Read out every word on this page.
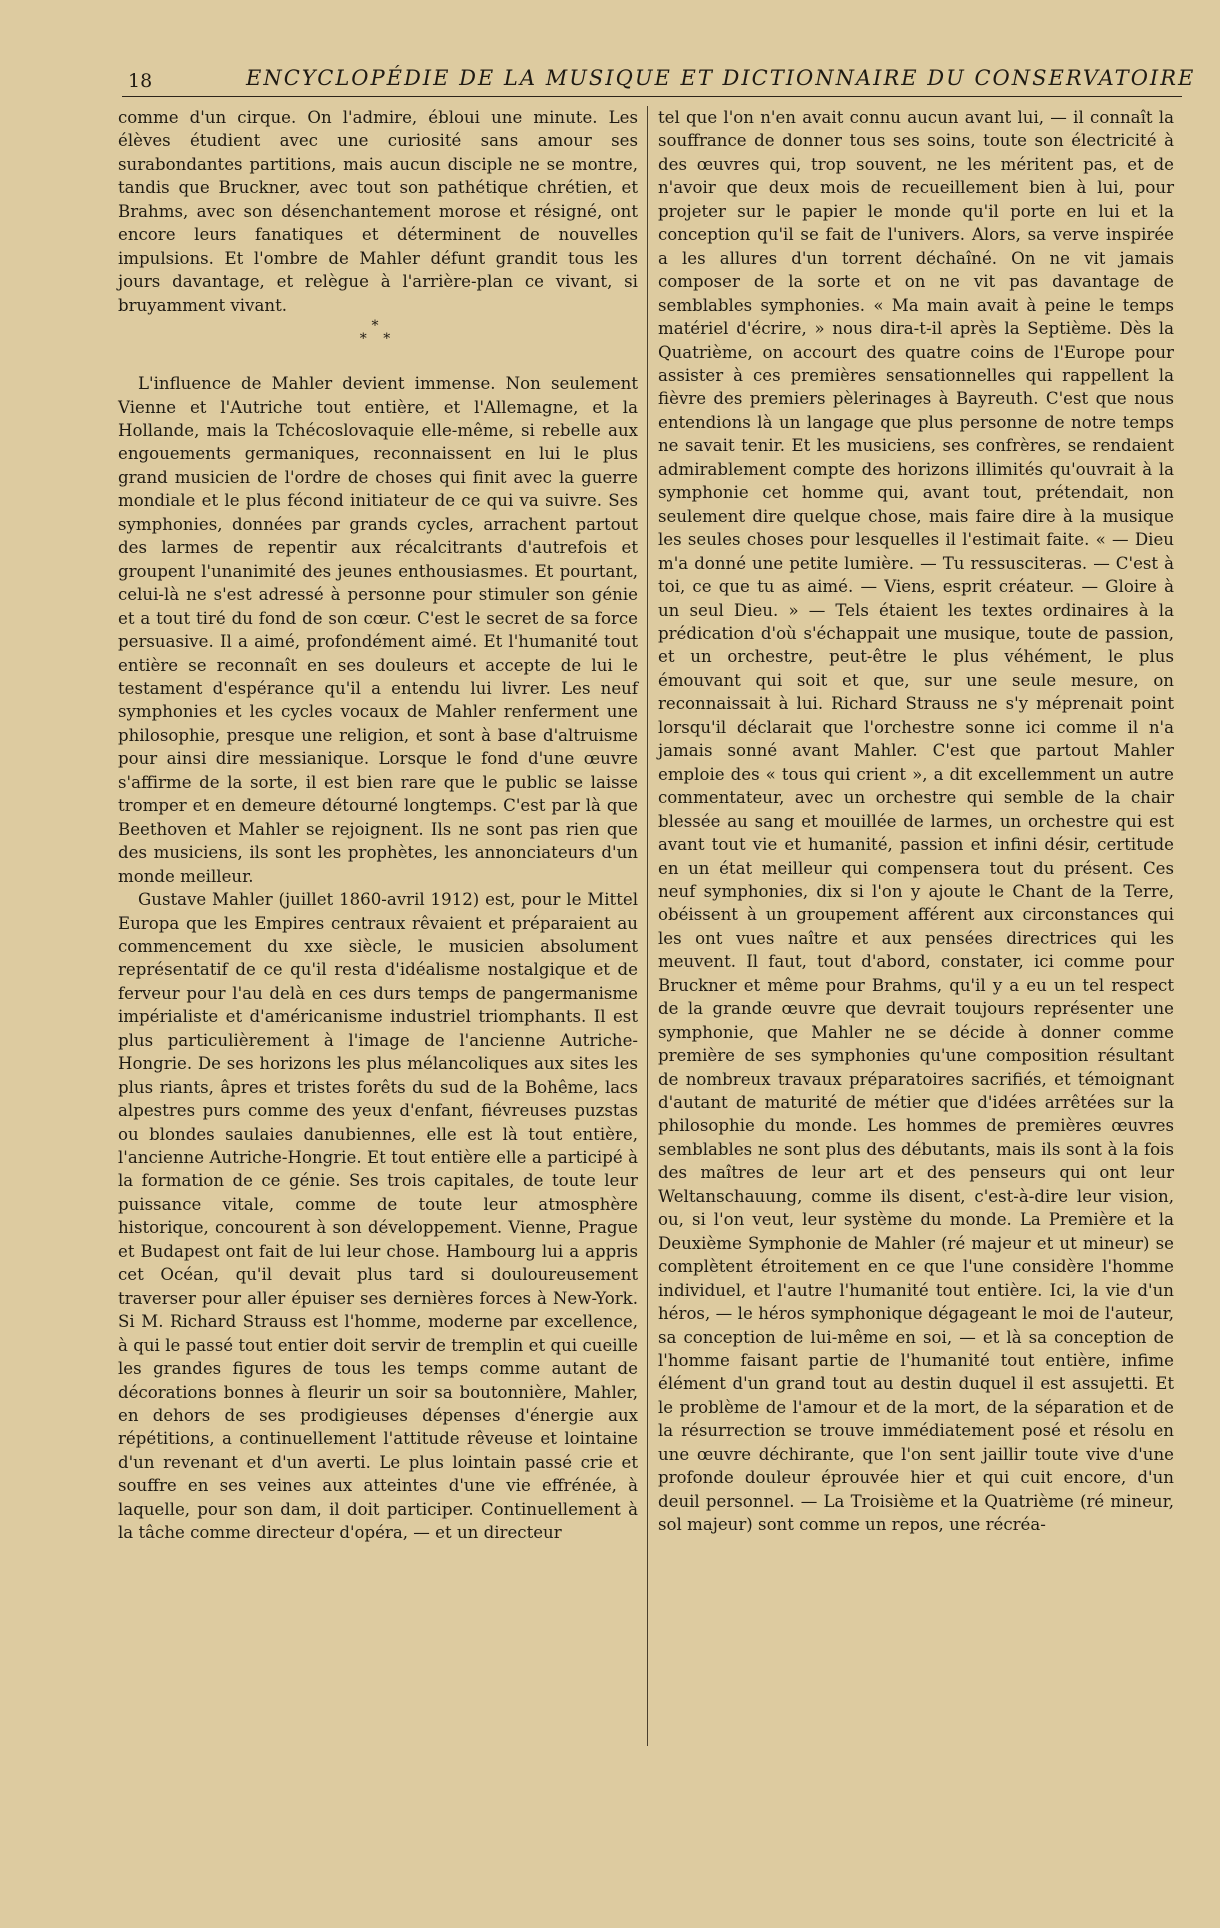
18	ENCYCLOPÉDIE DE LA MUSIQUE ET DICTIONNAIRE DU CONSERVATOIRE

comme d'un cirque. On l'admire, ébloui une minute. Les élèves étudient avec une curiosité sans amour ses surabondantes partitions, mais aucun disciple ne se montre, tandis que Bruckner, avec tout son pathétique chrétien, et Brahms, avec son désenchantement morose et résigné, ont encore leurs fanatiques et déterminent de nouvelles impulsions. Et l'ombre de Mahler défunt grandit tous les jours davantage, et relègue à l'arrière-plan ce vivant, si bruyamment vivant.

*
* *

L'influence de Mahler devient immense. Non seulement Vienne et l'Autriche tout entière, et l'Allemagne, et la Hollande, mais la Tchécoslovaquie elle-même, si rebelle aux engouements germaniques, reconnaissent en lui le plus grand musicien de l'ordre de choses qui finit avec la guerre mondiale et le plus fécond initiateur de ce qui va suivre. Ses symphonies, données par grands cycles, arrachent partout des larmes de repentir aux récalcitrants d'autrefois et groupent l'unanimité des jeunes enthousiasmes. Et pourtant, celui-là ne s'est adressé à personne pour stimuler son génie et a tout tiré du fond de son cœur. C'est le secret de sa force persuasive. Il a aimé, profondément aimé. Et l'humanité tout entière se reconnaît en ses douleurs et accepte de lui le testament d'espérance qu'il a entendu lui livrer. Les neuf symphonies et les cycles vocaux de Mahler renferment une philosophie, presque une religion, et sont à base d'altruisme pour ainsi dire messianique. Lorsque le fond d'une œuvre s'affirme de la sorte, il est bien rare que le public se laisse tromper et en demeure détourné longtemps. C'est par là que Beethoven et Mahler se rejoignent. Ils ne sont pas rien que des musiciens, ils sont les prophètes, les annonciateurs d'un monde meilleur.

Gustave Mahler (juillet 1860-avril 1912) est, pour le Mittel Europa que les Empires centraux rêvaient et préparaient au commencement du xxe siècle, le musicien absolument représentatif de ce qu'il resta d'idéalisme nostalgique et de ferveur pour l'au delà en ces durs temps de pangermanisme impérialiste et d'américanisme industriel triomphants. Il est plus particulièrement à l'image de l'ancienne Autriche-Hongrie. De ses horizons les plus mélancoliques aux sites les plus riants, âpres et tristes forêts du sud de la Bohême, lacs alpestres purs comme des yeux d'enfant, fiévreuses puzstas ou blondes saulaies danubiennes, elle est là tout entière, l'ancienne Autriche-Hongrie. Et tout entière elle a participé à la formation de ce génie. Ses trois capitales, de toute leur puissance vitale, comme de toute leur atmosphère historique, concourent à son développement. Vienne, Prague et Budapest ont fait de lui leur chose. Hambourg lui a appris cet Océan, qu'il devait plus tard si douloureusement traverser pour aller épuiser ses dernières forces à New-York. Si M. Richard Strauss est l'homme, moderne par excellence, à qui le passé tout entier doit servir de tremplin et qui cueille les grandes figures de tous les temps comme autant de décorations bonnes à fleurir un soir sa boutonnière, Mahler, en dehors de ses prodigieuses dépenses d'énergie aux répétitions, a continuellement l'attitude rêveuse et lointaine d'un revenant et d'un averti. Le plus lointain passé crie et souffre en ses veines aux atteintes d'une vie effrénée, à laquelle, pour son dam, il doit participer. Continuellement à la tâche comme directeur d'opéra, — et un directeur

tel que l'on n'en avait connu aucun avant lui, — il connaît la souffrance de donner tous ses soins, toute son électricité à des œuvres qui, trop souvent, ne les méritent pas, et de n'avoir que deux mois de recueillement bien à lui, pour projeter sur le papier le monde qu'il porte en lui et la conception qu'il se fait de l'univers. Alors, sa verve inspirée a les allures d'un torrent déchaîné. On ne vit jamais composer de la sorte et on ne vit pas davantage de semblables symphonies. « Ma main avait à peine le temps matériel d'écrire, » nous dira-t-il après la Septième. Dès la Quatrième, on accourt des quatre coins de l'Europe pour assister à ces premières sensationnelles qui rappellent la fièvre des premiers pèlerinages à Bayreuth. C'est que nous entendions là un langage que plus personne de notre temps ne savait tenir. Et les musiciens, ses confrères, se rendaient admirablement compte des horizons illimités qu'ouvrait à la symphonie cet homme qui, avant tout, prétendait, non seulement dire quelque chose, mais faire dire à la musique les seules choses pour lesquelles il l'estimait faite. « — Dieu m'a donné une petite lumière. — Tu ressusciteras. — C'est à toi, ce que tu as aimé. — Viens, esprit créateur. — Gloire à un seul Dieu. » — Tels étaient les textes ordinaires à la prédication d'où s'échappait une musique, toute de passion, et un orchestre, peut-être le plus véhément, le plus émouvant qui soit et que, sur une seule mesure, on reconnaissait à lui. Richard Strauss ne s'y méprenait point lorsqu'il déclarait que l'orchestre sonne ici comme il n'a jamais sonné avant Mahler. C'est que partout Mahler emploie des « tous qui crient », a dit excellemment un autre commentateur, avec un orchestre qui semble de la chair blessée au sang et mouillée de larmes, un orchestre qui est avant tout vie et humanité, passion et infini désir, certitude en un état meilleur qui compensera tout du présent. Ces neuf symphonies, dix si l'on y ajoute le Chant de la Terre, obéissent à un groupement afférent aux circonstances qui les ont vues naître et aux pensées directrices qui les meuvent. Il faut, tout d'abord, constater, ici comme pour Bruckner et même pour Brahms, qu'il y a eu un tel respect de la grande œuvre que devrait toujours représenter une symphonie, que Mahler ne se décide à donner comme première de ses symphonies qu'une composition résultant de nombreux travaux préparatoires sacrifiés, et témoignant d'autant de maturité de métier que d'idées arrêtées sur la philosophie du monde. Les hommes de premières œuvres semblables ne sont plus des débutants, mais ils sont à la fois des maîtres de leur art et des penseurs qui ont leur Weltanschauung, comme ils disent, c'est-à-dire leur vision, ou, si l'on veut, leur système du monde. La Première et la Deuxième Symphonie de Mahler (ré majeur et ut mineur) se complètent étroitement en ce que l'une considère l'homme individuel, et l'autre l'humanité tout entière. Ici, la vie d'un héros, — le héros symphonique dégageant le moi de l'auteur, sa conception de lui-même en soi, — et là sa conception de l'homme faisant partie de l'humanité tout entière, infime élément d'un grand tout au destin duquel il est assujetti. Et le problème de l'amour et de la mort, de la séparation et de la résurrection se trouve immédiatement posé et résolu en une œuvre déchirante, que l'on sent jaillir toute vive d'une profonde douleur éprouvée hier et qui cuit encore, d'un deuil personnel. — La Troisième et la Quatrième (ré mineur, sol majeur) sont comme un repos, une récréa-
